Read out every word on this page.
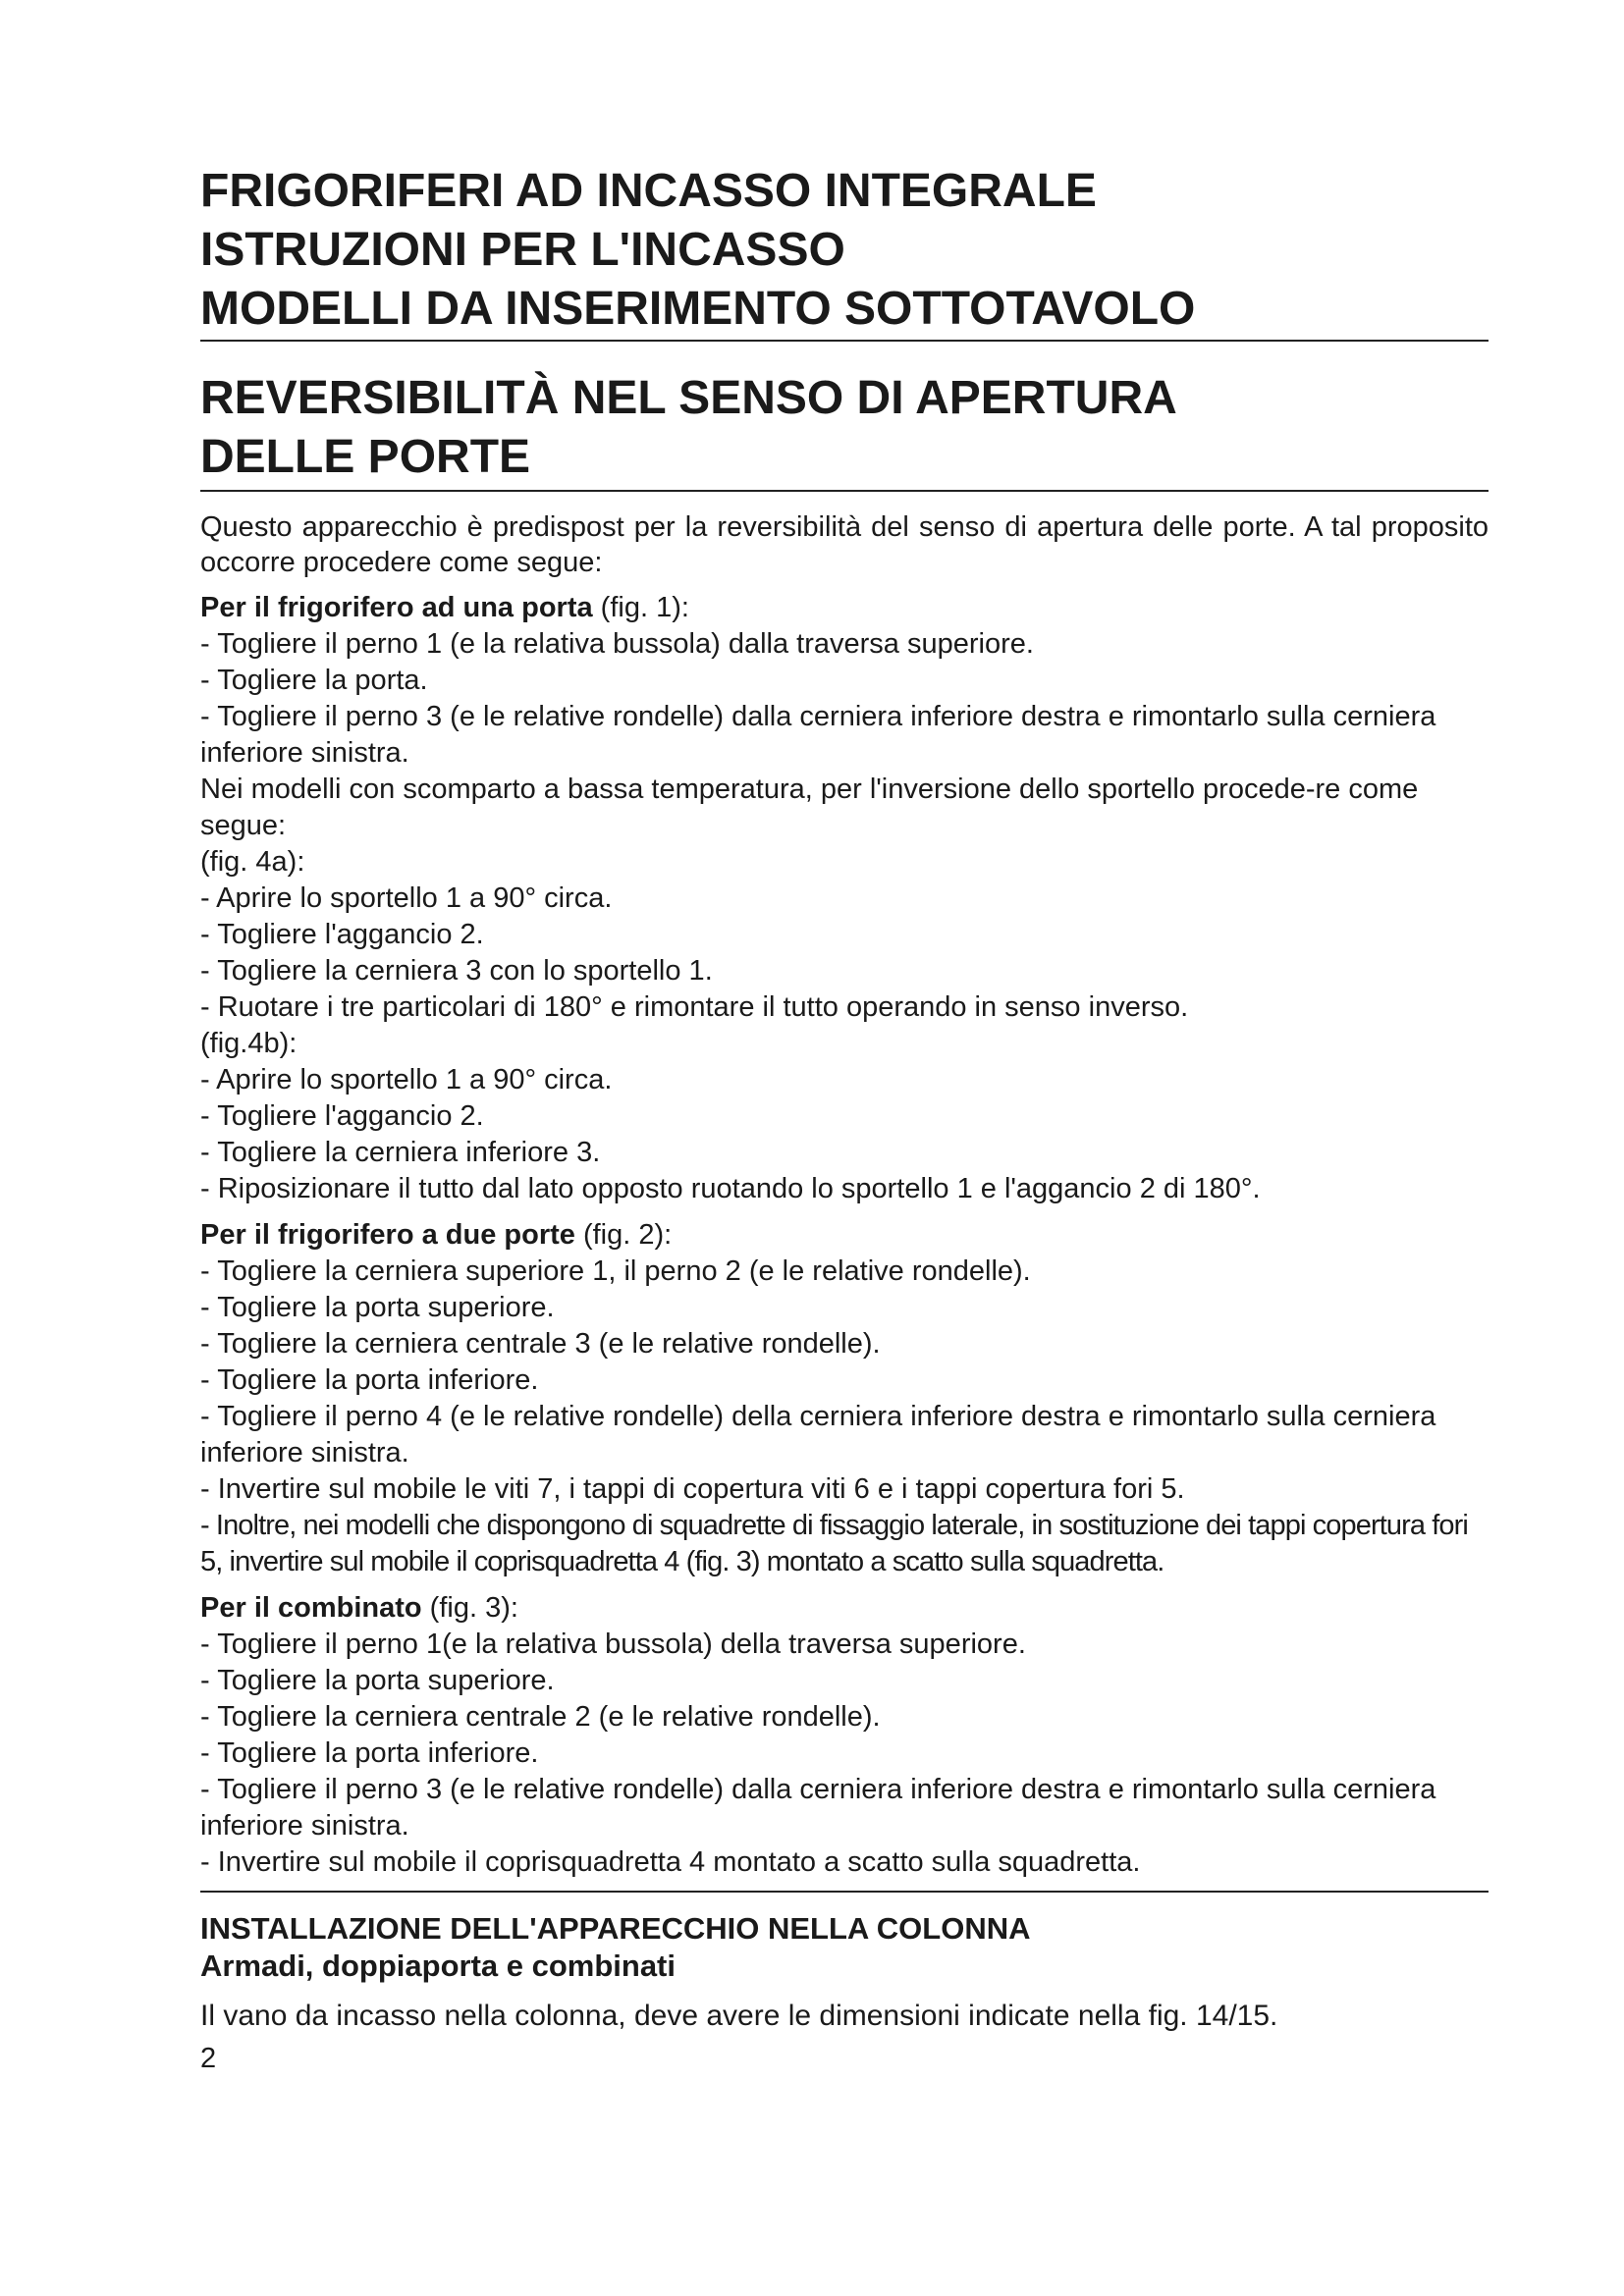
FRIGORIFERI AD INCASSO INTEGRALE
ISTRUZIONI PER L'INCASSO
MODELLI DA INSERIMENTO SOTTOTAVOLO
REVERSIBILITÀ NEL SENSO DI APERTURA
DELLE PORTE

Questo apparecchio è predispost per la reversibilità del senso di apertura delle porte. A tal proposito occorre procedere come segue:

Per il frigorifero ad una porta (fig. 1):

- Togliere il perno 1 (e la relativa bussola) dalla traversa superiore.

- Togliere la porta.

- Togliere il perno 3 (e le relative rondelle) dalla cerniera inferiore destra e rimontarlo sulla cerniera inferiore sinistra.

Nei modelli con scomparto a bassa temperatura, per l'inversione dello sportello procede-re come segue:

(fig. 4a):

- Aprire lo sportello 1 a 90° circa.

- Togliere l'aggancio 2.

- Togliere la cerniera 3 con lo sportello 1.

- Ruotare i tre particolari di 180° e rimontare il tutto operando in senso inverso.

(fig.4b):

- Aprire lo sportello 1 a 90° circa.

- Togliere l'aggancio 2.

- Togliere la cerniera inferiore 3.

- Riposizionare il tutto dal lato opposto ruotando lo sportello 1 e l'aggancio 2 di 180°.

Per il frigorifero a due porte (fig. 2):

- Togliere la cerniera superiore 1, il perno 2 (e le relative rondelle).

- Togliere la porta superiore.

- Togliere la cerniera centrale 3 (e le relative rondelle).

- Togliere la porta inferiore.

- Togliere il perno 4 (e le relative rondelle) della cerniera inferiore destra e rimontarlo sulla cerniera inferiore sinistra.

- Invertire sul mobile le viti 7, i tappi di copertura viti 6 e i tappi copertura fori 5.

- Inoltre, nei modelli che dispongono di squadrette di fissaggio laterale, in sostituzione dei tappi copertura fori 5, invertire sul mobile il coprisquadretta 4 (fig. 3) montato a scatto sulla squadretta.

Per il combinato (fig. 3):

- Togliere il perno 1(e la relativa bussola) della traversa superiore.

- Togliere la porta superiore.

- Togliere la cerniera centrale 2 (e le relative rondelle).

- Togliere la porta inferiore.

- Togliere il perno 3 (e le relative rondelle) dalla cerniera inferiore destra e rimontarlo sulla cerniera inferiore sinistra.

- Invertire sul mobile il coprisquadretta 4 montato a scatto sulla squadretta.

INSTALLAZIONE DELL'APPARECCHIO NELLA COLONNA
Armadi, doppiaporta e combinati

Il vano da incasso nella colonna, deve avere le dimensioni indicate nella fig. 14/15.

2
